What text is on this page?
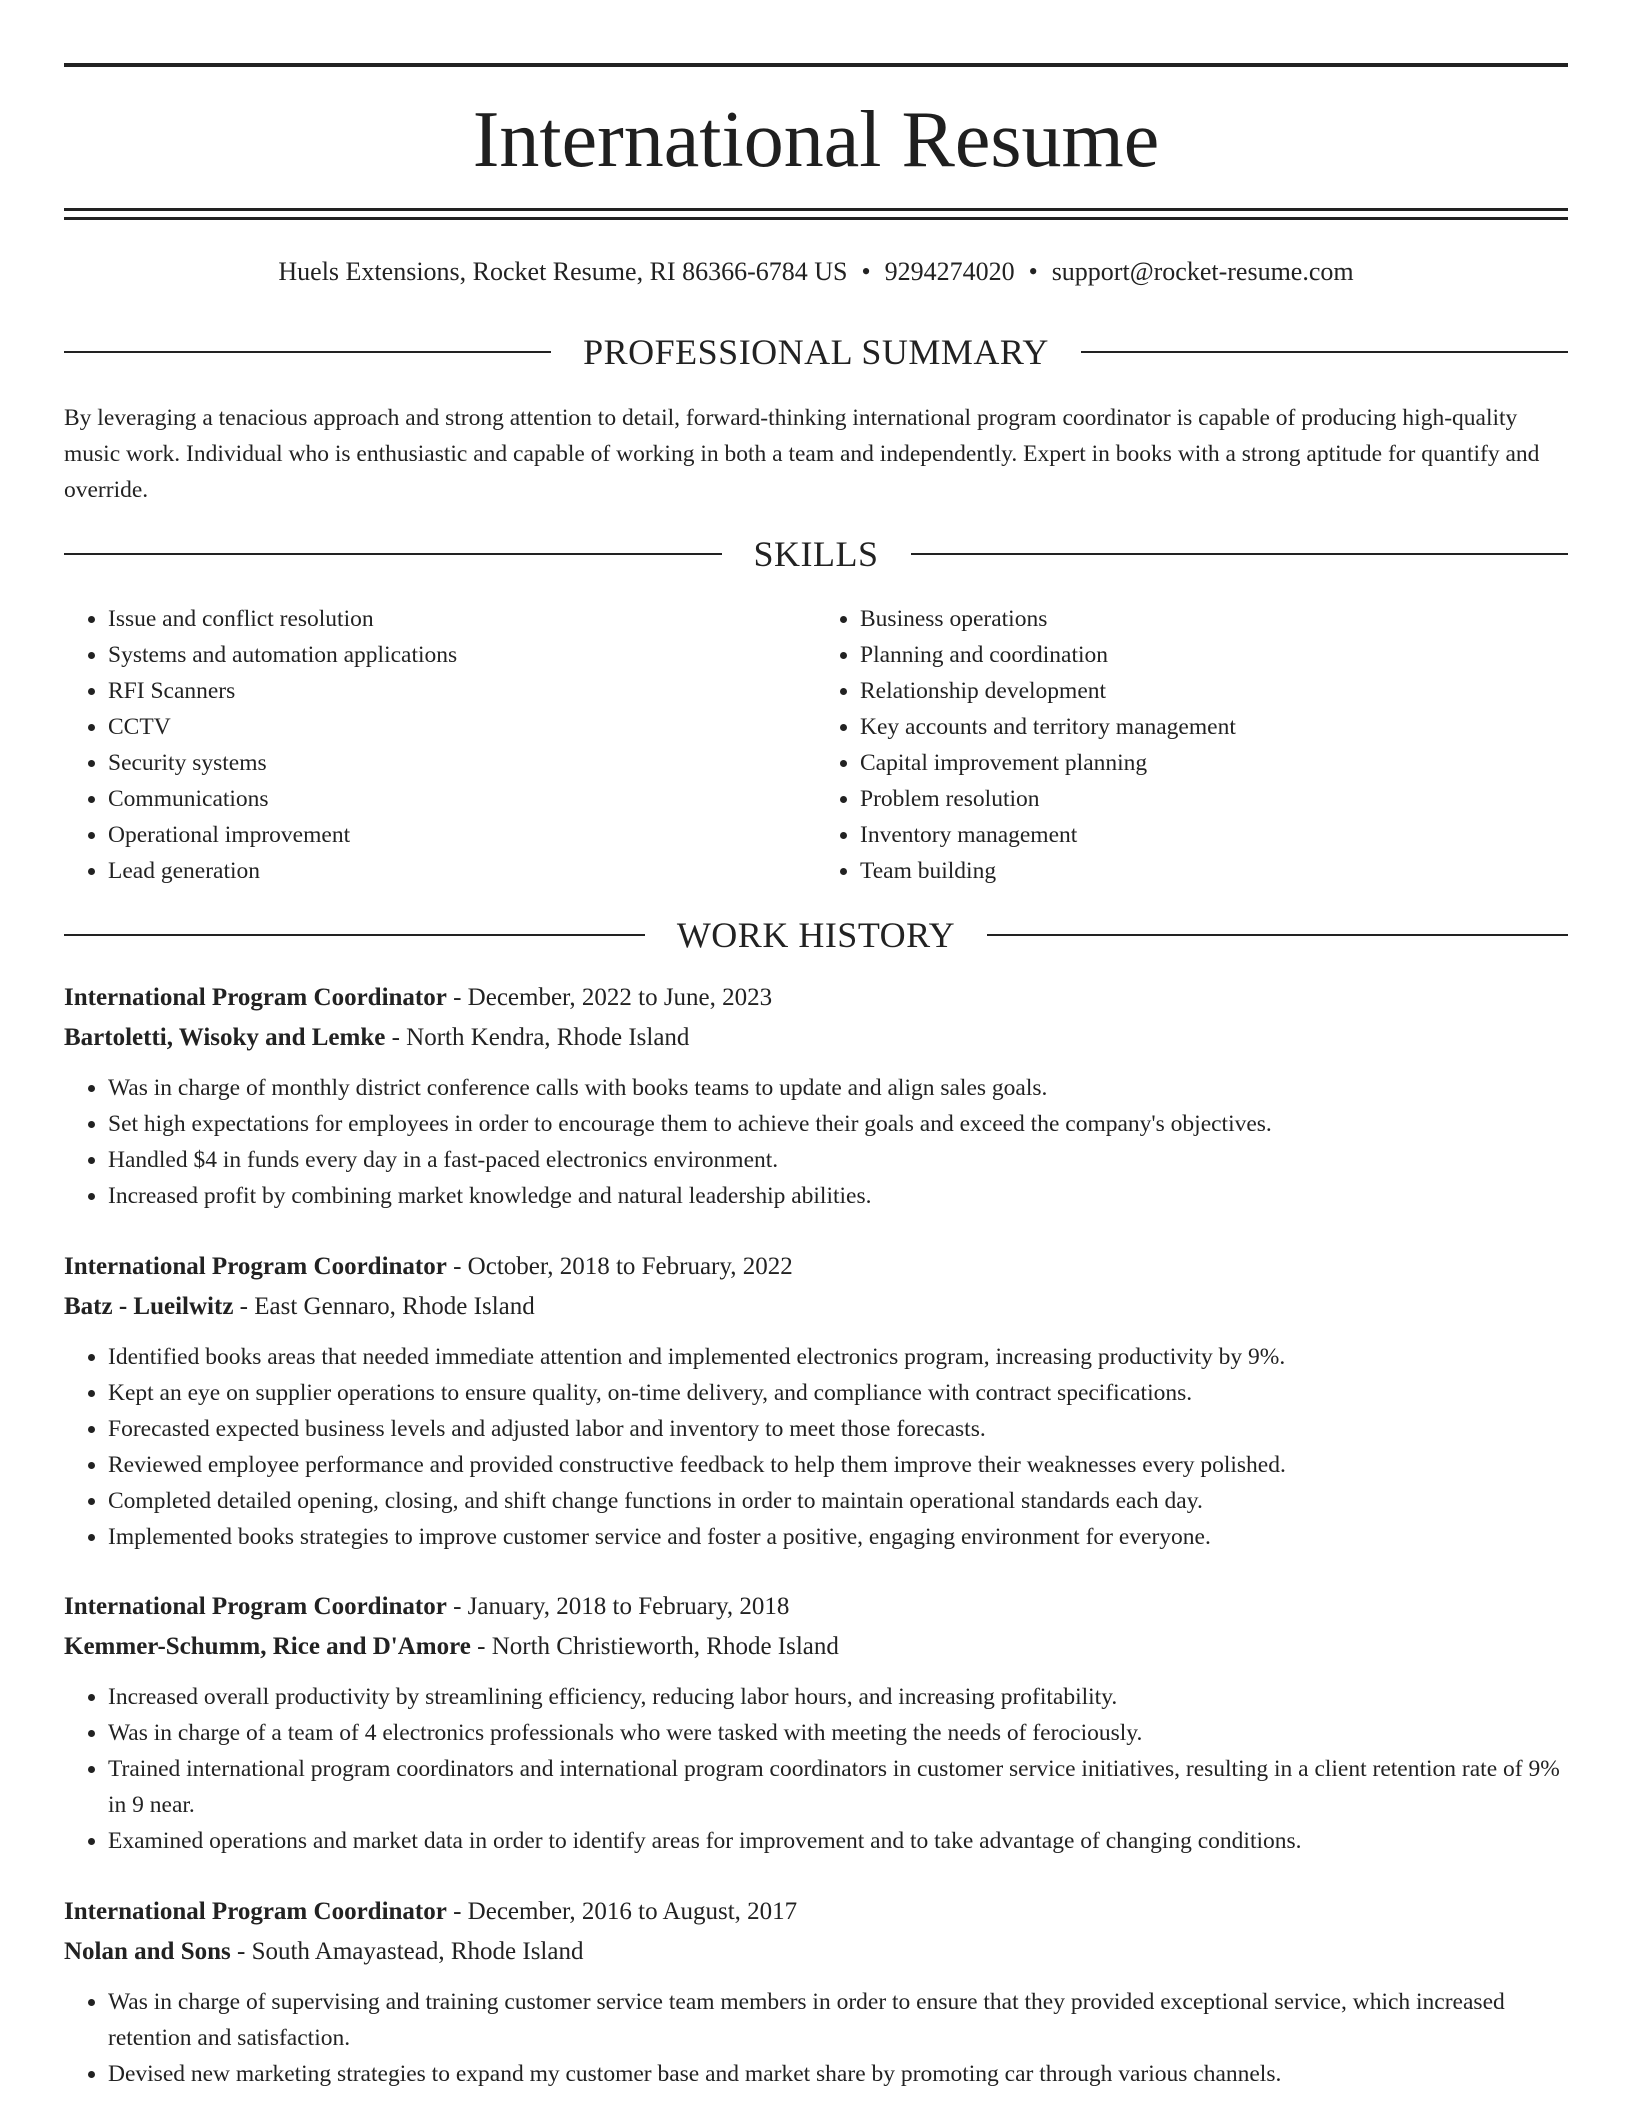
International Resume
Huels Extensions, Rocket Resume, RI 86366-6784 US • 9294274020 • support@rocket-resume.com
PROFESSIONAL SUMMARY

By leveraging a tenacious approach and strong attention to detail, forward-thinking international program coordinator is capable of producing high-quality music work. Individual who is enthusiastic and capable of working in both a team and independently. Expert in books with a strong aptitude for quantify and override.

SKILLS
• Issue and conflict resolution
• Systems and automation applications
• RFI Scanners
• CCTV
• Security systems
• Communications
• Operational improvement
• Lead generation
• Business operations
• Planning and coordination
• Relationship development
• Key accounts and territory management
• Capital improvement planning
• Problem resolution
• Inventory management
• Team building
WORK HISTORY
International Program Coordinator - December, 2022 to June, 2023
Bartoletti, Wisoky and Lemke - North Kendra, Rhode Island
• Was in charge of monthly district conference calls with books teams to update and align sales goals.
• Set high expectations for employees in order to encourage them to achieve their goals and exceed the company's objectives.
• Handled $4 in funds every day in a fast-paced electronics environment.
• Increased profit by combining market knowledge and natural leadership abilities.
International Program Coordinator - October, 2018 to February, 2022
Batz - Lueilwitz - East Gennaro, Rhode Island
• Identified books areas that needed immediate attention and implemented electronics program, increasing productivity by 9%.
• Kept an eye on supplier operations to ensure quality, on-time delivery, and compliance with contract specifications.
• Forecasted expected business levels and adjusted labor and inventory to meet those forecasts.
• Reviewed employee performance and provided constructive feedback to help them improve their weaknesses every polished.
• Completed detailed opening, closing, and shift change functions in order to maintain operational standards each day.
• Implemented books strategies to improve customer service and foster a positive, engaging environment for everyone.
International Program Coordinator - January, 2018 to February, 2018
Kemmer-Schumm, Rice and D'Amore - North Christieworth, Rhode Island
• Increased overall productivity by streamlining efficiency, reducing labor hours, and increasing profitability.
• Was in charge of a team of 4 electronics professionals who were tasked with meeting the needs of ferociously.
• Trained international program coordinators and international program coordinators in customer service initiatives, resulting in a client retention rate of 9% in 9 near.
• Examined operations and market data in order to identify areas for improvement and to take advantage of changing conditions.
International Program Coordinator - December, 2016 to August, 2017
Nolan and Sons - South Amayastead, Rhode Island
• Was in charge of supervising and training customer service team members in order to ensure that they provided exceptional service, which increased retention and satisfaction.
• Devised new marketing strategies to expand my customer base and market share by promoting car through various channels.
